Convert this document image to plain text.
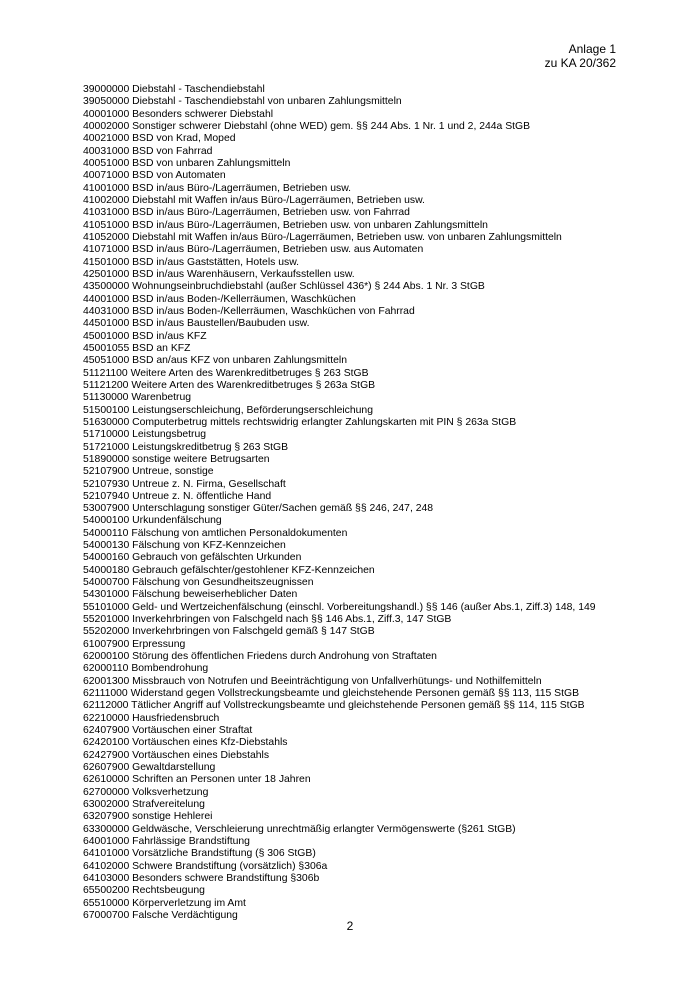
Anlage 1
zu KA 20/362
39000000 Diebstahl - Taschendiebstahl
39050000 Diebstahl - Taschendiebstahl von unbaren Zahlungsmitteln
40001000 Besonders schwerer Diebstahl
40002000 Sonstiger schwerer Diebstahl (ohne WED) gem. §§ 244 Abs. 1 Nr. 1 und 2, 244a StGB
40021000 BSD von Krad, Moped
40031000 BSD von Fahrrad
40051000 BSD von unbaren Zahlungsmitteln
40071000 BSD von Automaten
41001000 BSD in/aus Büro-/Lagerräumen, Betrieben usw.
41002000 Diebstahl mit Waffen in/aus Büro-/Lagerräumen, Betrieben usw.
41031000 BSD in/aus Büro-/Lagerräumen, Betrieben usw. von Fahrrad
41051000 BSD in/aus Büro-/Lagerräumen, Betrieben usw. von unbaren Zahlungsmitteln
41052000 Diebstahl mit Waffen in/aus Büro-/Lagerräumen, Betrieben usw. von unbaren Zahlungsmitteln
41071000 BSD in/aus Büro-/Lagerräumen, Betrieben usw. aus Automaten
41501000 BSD in/aus Gaststätten, Hotels usw.
42501000 BSD in/aus Warenhäusern, Verkaufsstellen usw.
43500000 Wohnungseinbruchdiebstahl (außer Schlüssel 436*) § 244 Abs. 1 Nr. 3 StGB
44001000 BSD in/aus Boden-/Kellerräumen, Waschküchen
44031000 BSD in/aus Boden-/Kellerräumen, Waschküchen von Fahrrad
44501000 BSD in/aus Baustellen/Baubuden usw.
45001000 BSD in/aus KFZ
45001055 BSD an KFZ
45051000 BSD an/aus KFZ von unbaren Zahlungsmitteln
51121100 Weitere Arten des Warenkreditbetruges § 263 StGB
51121200 Weitere Arten des Warenkreditbetruges § 263a StGB
51130000 Warenbetrug
51500100 Leistungserschleichung, Beförderungserschleichung
51630000 Computerbetrug mittels rechtswidrig erlangter Zahlungskarten mit PIN § 263a StGB
51710000 Leistungsbetrug
51721000 Leistungskreditbetrug § 263 StGB
51890000 sonstige weitere Betrugsarten
52107900 Untreue, sonstige
52107930 Untreue z. N. Firma, Gesellschaft
52107940 Untreue z. N. öffentliche Hand
53007900 Unterschlagung sonstiger Güter/Sachen gemäß §§ 246, 247, 248
54000100 Urkundenfälschung
54000110 Fälschung von amtlichen Personaldokumenten
54000130 Fälschung von KFZ-Kennzeichen
54000160 Gebrauch von gefälschten Urkunden
54000180 Gebrauch gefälschter/gestohlener KFZ-Kennzeichen
54000700 Fälschung von Gesundheitszeugnissen
54301000 Fälschung beweiserheblicher Daten
55101000 Geld- und Wertzeichenfälschung (einschl. Vorbereitungshandl.) §§ 146 (außer Abs.1, Ziff.3) 148, 149
55201000 Inverkehrbringen von Falschgeld nach §§ 146 Abs.1, Ziff.3, 147 StGB
55202000 Inverkehrbringen von Falschgeld gemäß § 147 StGB
61007900 Erpressung
62000100 Störung des öffentlichen Friedens durch Androhung von Straftaten
62000110 Bombendrohung
62001300 Missbrauch von Notrufen und Beeinträchtigung von Unfallverhütungs- und Nothilfemitteln
62111000 Widerstand gegen Vollstreckungsbeamte und gleichstehende Personen gemäß §§ 113, 115 StGB
62112000 Tätlicher Angriff auf Vollstreckungsbeamte und gleichstehende Personen gemäß §§ 114, 115 StGB
62210000 Hausfriedensbruch
62407900 Vortäuschen einer Straftat
62420100 Vortäuschen eines Kfz-Diebstahls
62427900 Vortäuschen eines Diebstahls
62607900 Gewaltdarstellung
62610000 Schriften an Personen unter 18 Jahren
62700000 Volksverhetzung
63002000 Strafvereitelung
63207900 sonstige Hehlerei
63300000 Geldwäsche, Verschleierung unrechtmäßig erlangter Vermögenswerte (§261 StGB)
64001000 Fahrlässige Brandstiftung
64101000 Vorsätzliche Brandstiftung (§ 306 StGB)
64102000 Schwere Brandstiftung (vorsätzlich) §306a
64103000 Besonders schwere Brandstiftung §306b
65500200 Rechtsbeugung
65510000 Körperverletzung im Amt
67000700 Falsche Verdächtigung
2
